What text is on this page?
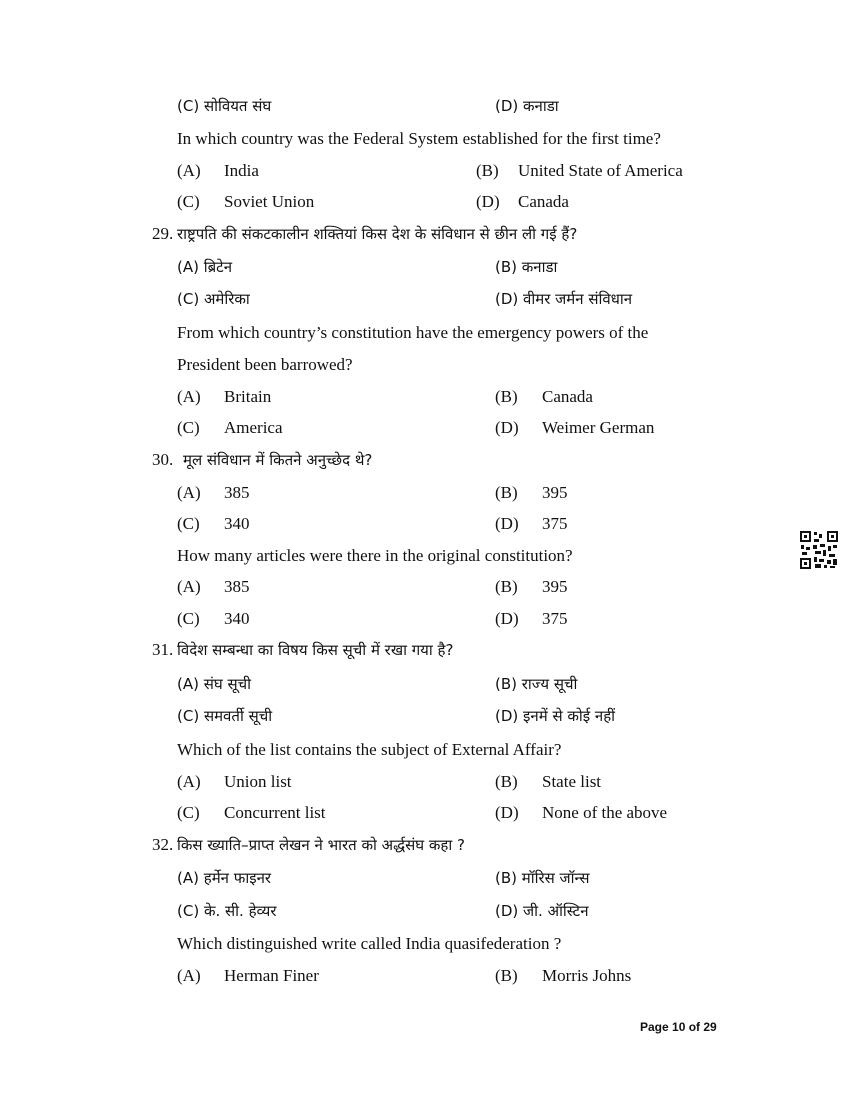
(C) सोवियत संघ	(D) कनाडा
In which country was the Federal System established for the first time?
(A) India	(B) United State of America
(C) Soviet Union	(D) Canada
29. राष्ट्रपति की संकटकालीन शक्तियां किस देश के संविधान से छीन ली गई हैं?
(A) ब्रिटेन	(B) कनाडा
(C) अमेरिका	(D) वीमर जर्मन संविधान
From which country’s constitution have the emergency powers of the
President been barrowed?
(A) Britain	(B) Canada
(C) America	(D) Weimer German
30. मूल संविधान में कितने अनुच्छेद थे?
(A) 385	(B) 395
(C) 340	(D) 375
How many articles were there in the original constitution?
(A) 385	(B) 395
(C) 340	(D) 375
31. विदेश सम्बन्धा का विषय किस सूची में रखा गया है?
(A) संघ सूची	(B) राज्य सूची
(C) समवर्ती सूची	(D) इनमें से कोई नहीं
Which of the list contains the subject of External Affair?
(A) Union list	(B) State list
(C) Concurrent list	(D) None of the above
32. किस ख्याति–प्राप्त लेखन ने भारत को अर्द्धसंघ कहा ?
(A) हर्मेन फाइनर	(B) मॉरिस जॉन्स
(C) के. सी. हेव्यर	(D) जी. ऑस्टिन
Which distinguished write called India quasifederation ?
(A) Herman Finer	(B) Morris Johns
Page 10 of 29
